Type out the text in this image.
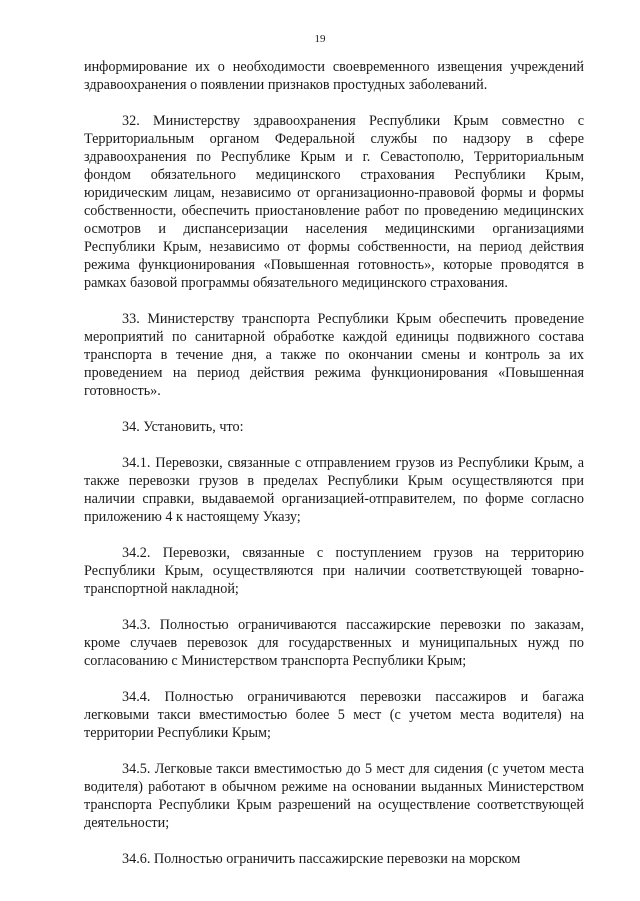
19

информирование их о необходимости своевременного извещения учреждений здравоохранения о появлении признаков простудных заболеваний.

32. Министерству здравоохранения Республики Крым совместно с Территориальным органом Федеральной службы по надзору в сфере здравоохранения по Республике Крым и г. Севастополю, Территориальным фондом обязательного медицинского страхования Республики Крым, юридическим лицам, независимо от организационно-правовой формы и формы собственности, обеспечить приостановление работ по проведению медицинских осмотров и диспансеризации населения медицинскими организациями Республики Крым, независимо от формы собственности, на период действия режима функционирования «Повышенная готовность», которые проводятся в рамках базовой программы обязательного медицинского страхования.

33. Министерству транспорта Республики Крым обеспечить проведение мероприятий по санитарной обработке каждой единицы подвижного состава транспорта в течение дня, а также по окончании смены и контроль за их проведением на период действия режима функционирования «Повышенная готовность».

34. Установить, что:

34.1. Перевозки, связанные с отправлением грузов из Республики Крым, а также перевозки грузов в пределах Республики Крым осуществляются при наличии справки, выдаваемой организацией-отправителем, по форме согласно приложению 4 к настоящему Указу;

34.2. Перевозки, связанные с поступлением грузов на территорию Республики Крым, осуществляются при наличии соответствующей товарно-транспортной накладной;

34.3. Полностью ограничиваются пассажирские перевозки по заказам, кроме случаев перевозок для государственных и муниципальных нужд по согласованию с Министерством транспорта Республики Крым;

34.4. Полностью ограничиваются перевозки пассажиров и багажа легковыми такси вместимостью более 5 мест (с учетом места водителя) на территории Республики Крым;

34.5. Легковые такси вместимостью до 5 мест для сидения (с учетом места водителя) работают в обычном режиме на основании выданных Министерством транспорта Республики Крым разрешений на осуществление соответствующей деятельности;

34.6. Полностью ограничить пассажирские перевозки на морском
